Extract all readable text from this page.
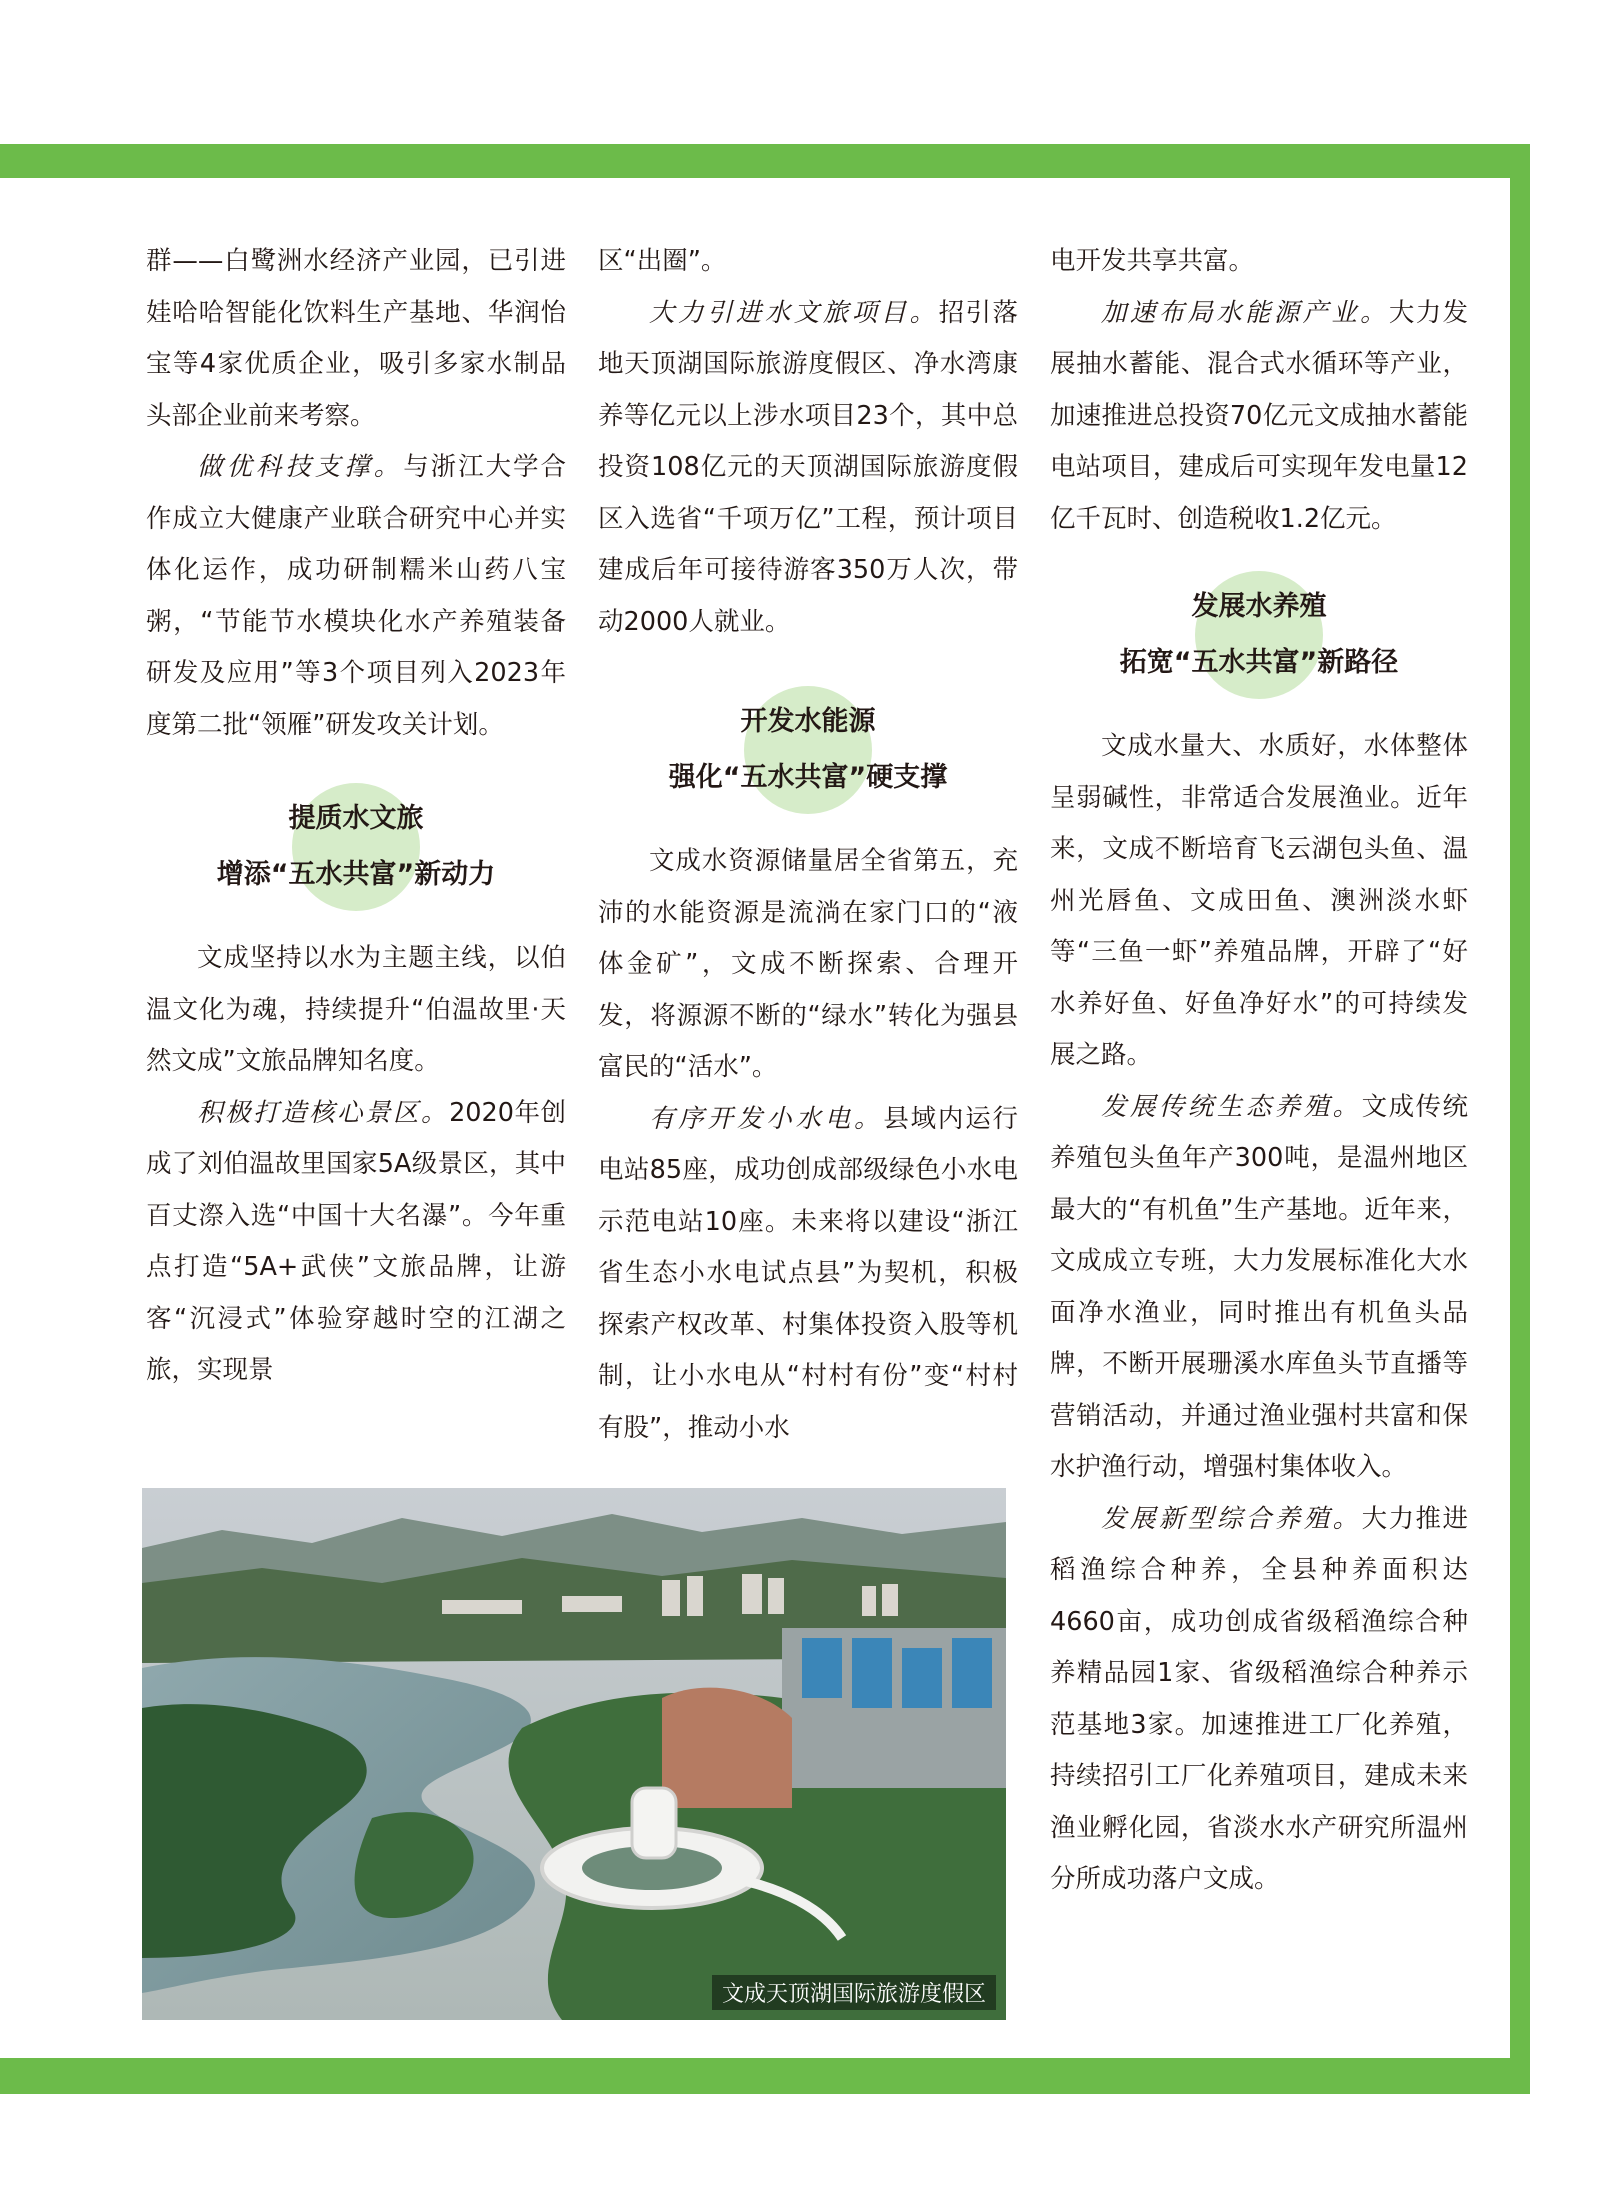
群——白鹭洲水经济产业园，已引进娃哈哈智能化饮料生产基地、华润怡宝等4家优质企业，吸引多家水制品头部企业前来考察。

做优科技支撑。与浙江大学合作成立大健康产业联合研究中心并实体化运作，成功研制糯米山药八宝粥，“节能节水模块化水产养殖装备研发及应用”等3个项目列入2023年度第二批“领雁”研发攻关计划。

提质水文旅
增添“五水共富”新动力

文成坚持以水为主题主线，以伯温文化为魂，持续提升“伯温故里·天然文成”文旅品牌知名度。

积极打造核心景区。2020年创成了刘伯温故里国家5A级景区，其中百丈漈入选“中国十大名瀑”。今年重点打造“5A+武侠”文旅品牌，让游客“沉浸式”体验穿越时空的江湖之旅，实现景

区“出圈”。

大力引进水文旅项目。招引落地天顶湖国际旅游度假区、净水湾康养等亿元以上涉水项目23个，其中总投资108亿元的天顶湖国际旅游度假区入选省“千项万亿”工程，预计项目建成后年可接待游客350万人次，带动2000人就业。

开发水能源
强化“五水共富”硬支撑

文成水资源储量居全省第五，充沛的水能资源是流淌在家门口的“液体金矿”，文成不断探索、合理开发，将源源不断的“绿水”转化为强县富民的“活水”。

有序开发小水电。县域内运行电站85座，成功创成部级绿色小水电示范电站10座。未来将以建设“浙江省生态小水电试点县”为契机，积极探索产权改革、村集体投资入股等机制，让小水电从“村村有份”变“村村有股”，推动小水

电开发共享共富。

加速布局水能源产业。大力发展抽水蓄能、混合式水循环等产业，加速推进总投资70亿元文成抽水蓄能电站项目，建成后可实现年发电量12亿千瓦时、创造税收1.2亿元。

发展水养殖
拓宽“五水共富”新路径

文成水量大、水质好，水体整体呈弱碱性，非常适合发展渔业。近年来，文成不断培育飞云湖包头鱼、温州光唇鱼、文成田鱼、澳洲淡水虾等“三鱼一虾”养殖品牌，开辟了“好水养好鱼、好鱼净好水”的可持续发展之路。

发展传统生态养殖。文成传统养殖包头鱼年产300吨，是温州地区最大的“有机鱼”生产基地。近年来，文成成立专班，大力发展标准化大水面净水渔业，同时推出有机鱼头品牌，不断开展珊溪水库鱼头节直播等营销活动，并通过渔业强村共富和保水护渔行动，增强村集体收入。

发展新型综合养殖。大力推进稻渔综合种养，全县种养面积达4660亩，成功创成省级稻渔综合种养精品园1家、省级稻渔综合种养示范基地3家。加速推进工厂化养殖，持续招引工厂化养殖项目，建成未来渔业孵化园，省淡水水产研究所温州分所成功落户文成。

文成天顶湖国际旅游度假区
